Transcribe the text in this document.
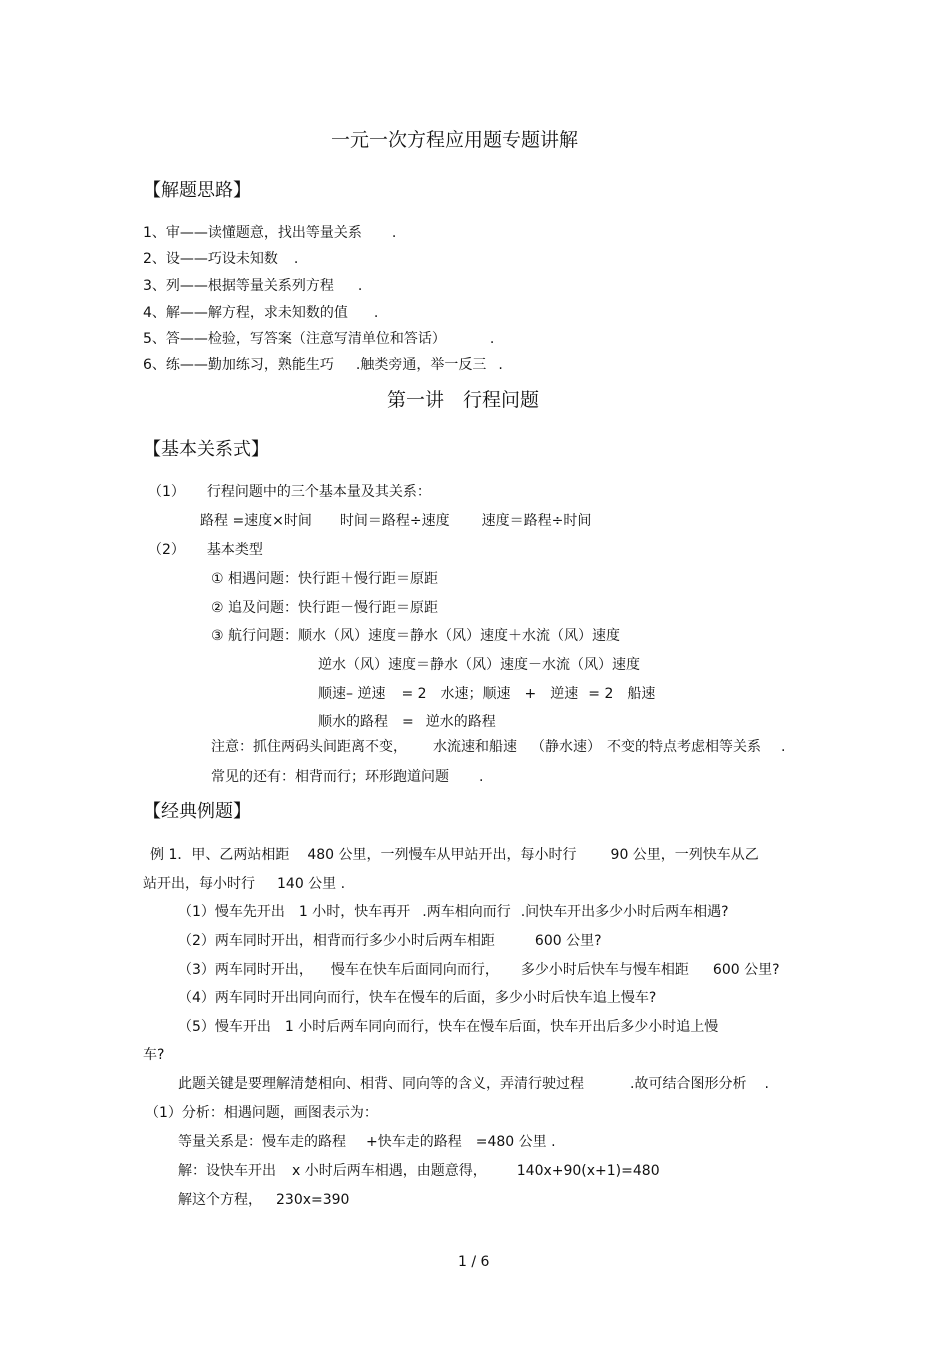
一元一次方程应用题专题讲解
【解题思路】
1、审——读懂题意，找出等量关系 .
2、设——巧设未知数 .
3、列——根据等量关系列方程 .
4、解——解方程，求未知数的值 .
5、答——检验，写答案（注意写清单位和答话）	.
6、练——勤加练习，熟能生巧 .触类旁通，举一反三 .
第一讲　行程问题
【基本关系式】
（1） 行程问题中的三个基本量及其关系：
路程 =速度×时间 时间＝路程÷速度 速度＝路程÷时间
（2） 基本类型
① 相遇问题：快行距＋慢行距＝原距
② 追及问题：快行距－慢行距＝原距
③ 航行问题：顺水（风）速度＝静水（风）速度＋水流（风）速度
逆水（风）速度＝静水（风）速度－水流（风）速度
顺速– 逆速 = 2 水速；顺速 + 逆速 = 2 船速
顺水的路程 = 逆水的路程
注意：抓住两码头间距离不变， 水流速和船速 （静水速） 不变的特点考虑相等关系 .
常见的还有：相背而行；环形跑道问题 .
【经典例题】
例 1．甲、乙两站相距 480 公里，一列慢车从甲站开出，每小时行 90 公里，一列快车从乙
站开出，每小时行 140 公里 .
（1）慢车先开出 1 小时，快车再开 .两车相向而行 .问快车开出多少小时后两车相遇?
（2）两车同时开出，相背而行多少小时后两车相距	600 公里?
（3）两车同时开出， 慢车在快车后面同向而行， 多少小时后快车与慢车相距 600 公里?
（4）两车同时开出同向而行，快车在慢车的后面，多少小时后快车追上慢车?
（5）慢车开出 1 小时后两车同向而行，快车在慢车后面，快车开出后多少小时追上慢
车?
此题关键是要理解清楚相向、相背、同向等的含义，弄清行驶过程	.故可结合图形分析 .
（1）分析：相遇问题，画图表示为：
等量关系是：慢车走的路程 +快车走的路程 =480 公里 .
解：设快车开出 x 小时后两车相遇，由题意得， 140x+90(x+1)=480
解这个方程， 230x=390
1 / 6
